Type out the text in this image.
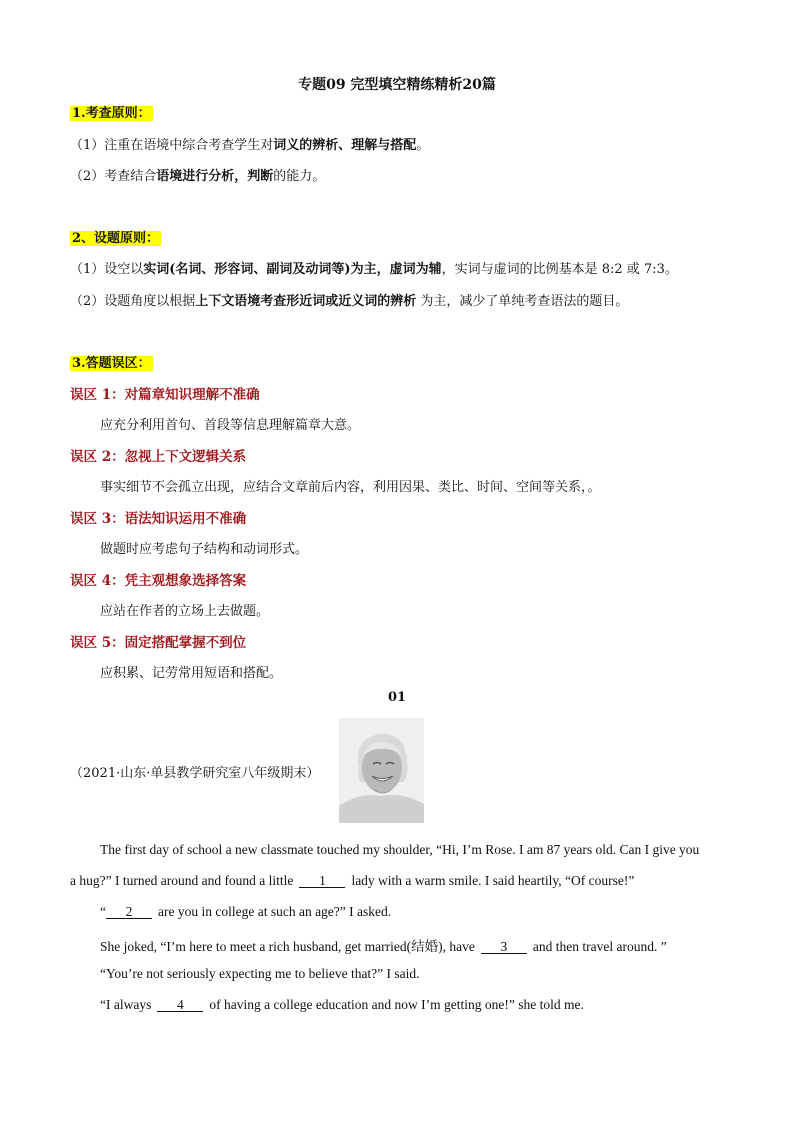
专题09 完型填空精练精析20篇
1.考查原则：
（1）注重在语境中综合考查学生对词义的辨析、理解与搭配。
（2）考查结合语境进行分析，判断的能力。
2、设题原则：
（1）设空以实词(名词、形容词、副词及动词等)为主，虚词为辅，实词与虚词的比例基本是 8:2 或 7:3。
（2）设题角度以根据上下文语境考查形近词或近义词的辨析 为主，减少了单纯考查语法的题目。
3.答题误区：
误区 1：对篇章知识理解不准确
应充分利用首句、首段等信息理解篇章大意。
误区 2：忽视上下文逻辑关系
事实细节不会孤立出现，应结合文章前后内容，利用因果、类比、时间、空间等关系，。
误区 3：语法知识运用不准确
做题时应考虑句子结构和动词形式。
误区 4：凭主观想象选择答案
应站在作者的立场上去做题。
误区 5：固定搭配掌握不到位
应积累、记劳常用短语和搭配。
01
（2021·山东·单县教学研究室八年级期末）
The first day of school a new classmate touched my shoulder, “Hi, I’m Rose. I am 87 years old. Can I give you
a hug?” I turned around and found a little 1 lady with a warm smile. I said heartily, “Of course!”
“ 2 are you in college at such an age?” I asked.
She joked, “I’m here to meet a rich husband, get married(结婚), have 3 and then travel around. ”
“You’re not seriously expecting me to believe that?” I said.
“I always 4 of having a college education and now I’m getting one!” she told me.
